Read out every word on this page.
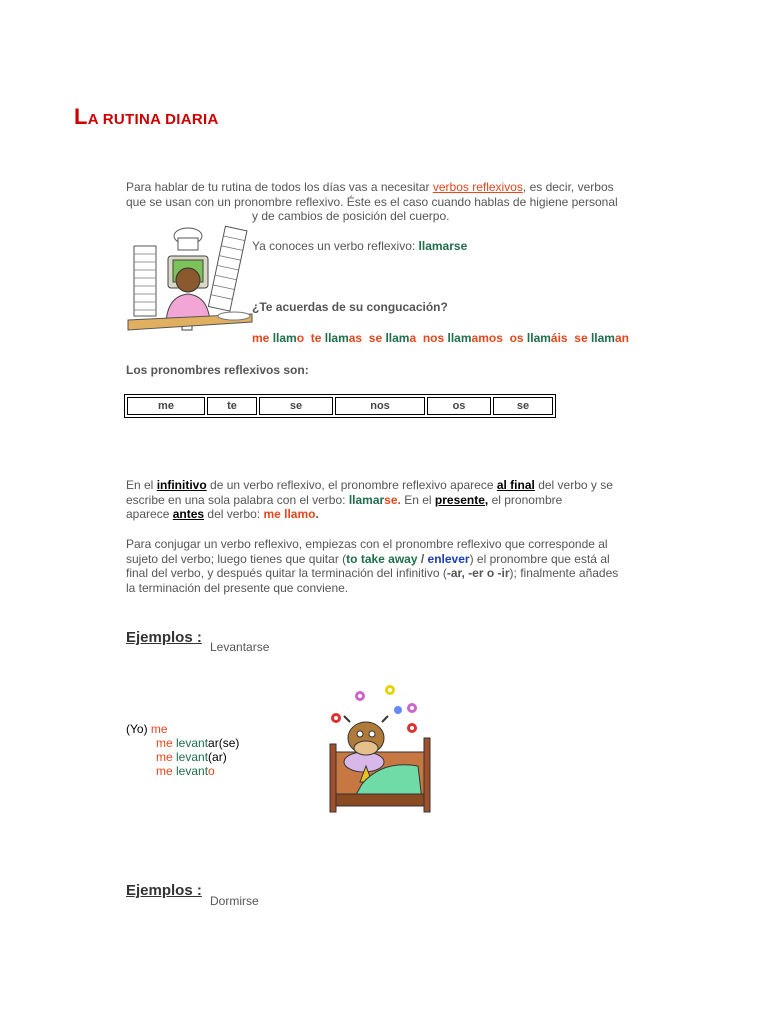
LA RUTINA DIARIA
Para hablar de tu rutina de todos los días vas a necesitar verbos reflexivos, es decir, verbos
que se usan con un pronombre reflexivo. Éste es el caso cuando hablas de higiene personal
y de cambios de posición del cuerpo.
Ya conoces un verbo reflexivo: llamarse
¿Te acuerdas de su congucación?
me llamo te llamas se llama nos llamamos os llamáis se llaman
Los pronombres reflexivos son:
me	te	se	nos	os	se
En el infinitivo de un verbo reflexivo, el pronombre reflexivo aparece al final del verbo y se
escribe en una sola palabra con el verbo: llamarse. En el presente, el pronombre
aparece antes del verbo: me llamo.
Para conjugar un verbo reflexivo, empiezas con el pronombre reflexivo que corresponde al
sujeto del verbo; luego tienes que quitar (to take away / enlever) el pronombre que está al
final del verbo, y después quitar la terminación del infinitivo (-ar, -er o -ir); finalmente añades
la terminación del presente que conviene.
Ejemplos :
Levantarse
(Yo) me
me levantar(se)
me levant(ar)
me levanto
Ejemplos :
Dormirse
